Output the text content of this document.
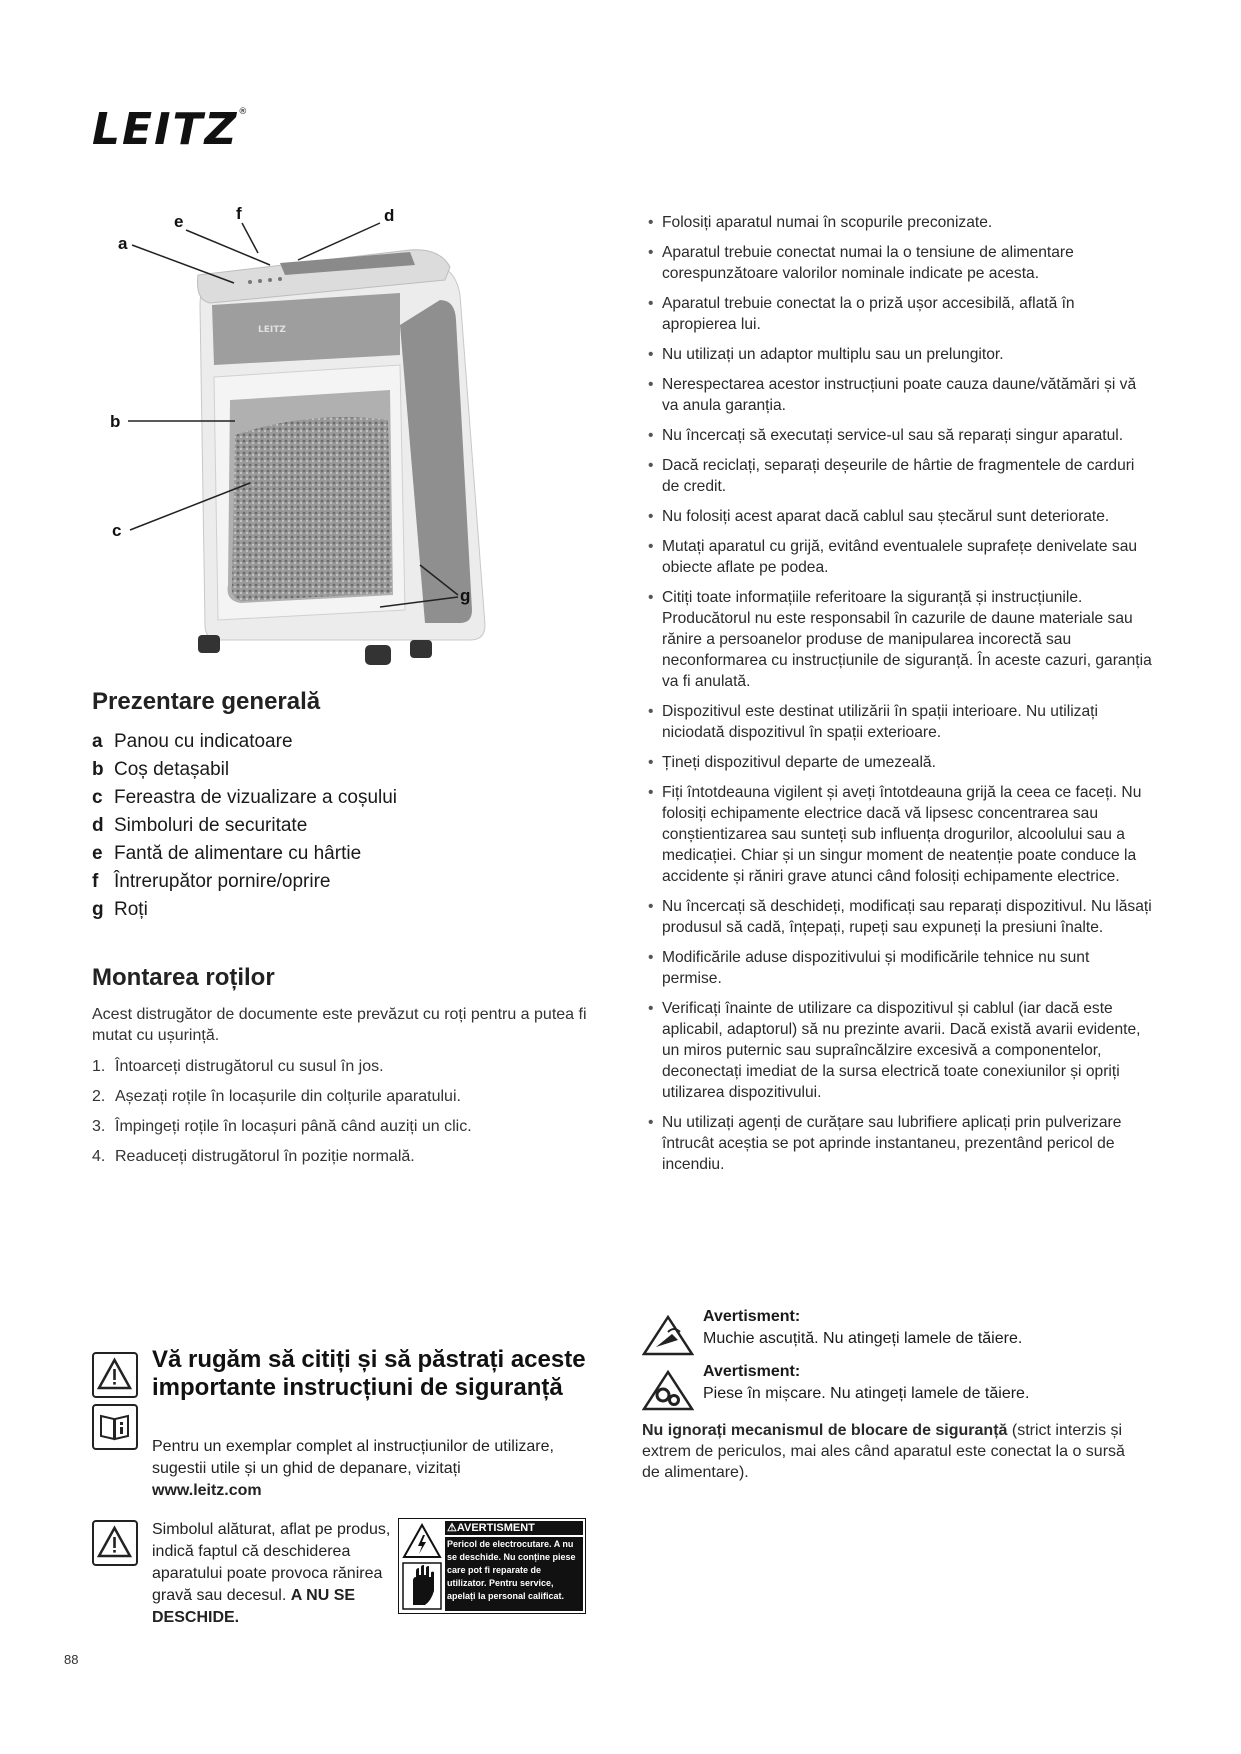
LEITZ®
LEITZ
a
b
c
d
e	f
g
Prezentare generală
a Panou cu indicatoare
b Coș detașabil
c Fereastra de vizualizare a coșului
d Simboluri de securitate
e Fantă de alimentare cu hârtie
f Întrerupător pornire/oprire
g Roți
Montarea roților
Acest distrugător de documente este prevăzut cu roți pentru a putea fi mutat cu ușurință.
1. Întoarceți distrugătorul cu susul în jos.
2. Așezați roțile în locașurile din colțurile aparatului.
3. Împingeți roțile în locașuri până când auziți un clic.
4. Readuceți distrugătorul în poziție normală.
Vă rugăm să citiți și să păstrați aceste importante instrucțiuni de siguranță
Pentru un exemplar complet al instrucțiunilor de utilizare, sugestii utile și un ghid de depanare, vizitați
www.leitz.com
Simbolul alăturat, aflat pe produs, indică faptul că deschiderea aparatului poate provoca rănirea gravă sau decesul. A NU SE DESCHIDE.
⚠AVERTISMENT
Pericol de electrocutare. A nu se deschide. Nu conține piese care pot fi reparate de utilizator. Pentru service, apelați la personal calificat.
• Folosiți aparatul numai în scopurile preconizate.
• Aparatul trebuie conectat numai la o tensiune de alimentare corespunzătoare valorilor nominale indicate pe acesta.
• Aparatul trebuie conectat la o priză ușor accesibilă, aflată în apropierea lui.
• Nu utilizați un adaptor multiplu sau un prelungitor.
• Nerespectarea acestor instrucțiuni poate cauza daune/vătămări și vă va anula garanția.
• Nu încercați să executați service-ul sau să reparați singur aparatul.
• Dacă reciclați, separați deșeurile de hârtie de fragmentele de carduri de credit.
• Nu folosiți acest aparat dacă cablul sau ștecărul sunt deteriorate.
• Mutați aparatul cu grijă, evitând eventualele suprafețe denivelate sau obiecte aflate pe podea.
• Citiți toate informațiile referitoare la siguranță și instrucțiunile. Producătorul nu este responsabil în cazurile de daune materiale sau rănire a persoanelor produse de manipularea incorectă sau neconformarea cu instrucțiunile de siguranță. În aceste cazuri, garanția va fi anulată.
• Dispozitivul este destinat utilizării în spații interioare. Nu utilizați niciodată dispozitivul în spații exterioare.
• Țineți dispozitivul departe de umezeală.
• Fiți întotdeauna vigilent și aveți întotdeauna grijă la ceea ce faceți. Nu folosiți echipamente electrice dacă vă lipsesc concentrarea sau conștientizarea sau sunteți sub influența drogurilor, alcoolului sau a medicației. Chiar și un singur moment de neatenție poate conduce la accidente și răniri grave atunci când folosiți echipamente electrice.
• Nu încercați să deschideți, modificați sau reparați dispozitivul. Nu lăsați produsul să cadă, înțepați, rupeți sau expuneți la presiuni înalte.
• Modificările aduse dispozitivului și modificările tehnice nu sunt permise.
• Verificați înainte de utilizare ca dispozitivul și cablul (iar dacă este aplicabil, adaptorul) să nu prezinte avarii. Dacă există avarii evidente, un miros puternic sau supraîncălzire excesivă a componentelor, deconectați imediat de la sursa electrică toate conexiunilor și opriți utilizarea dispozitivului.
• Nu utilizați agenți de curățare sau lubrifiere aplicați prin pulverizare întrucât aceștia se pot aprinde instantaneu, prezentând pericol de incendiu.
Avertisment:
Muchie ascuțită. Nu atingeți lamele de tăiere.
Avertisment:
Piese în mișcare. Nu atingeți lamele de tăiere.
Nu ignorați mecanismul de blocare de siguranță (strict interzis și extrem de periculos, mai ales când aparatul este conectat la o sursă de alimentare).
88
